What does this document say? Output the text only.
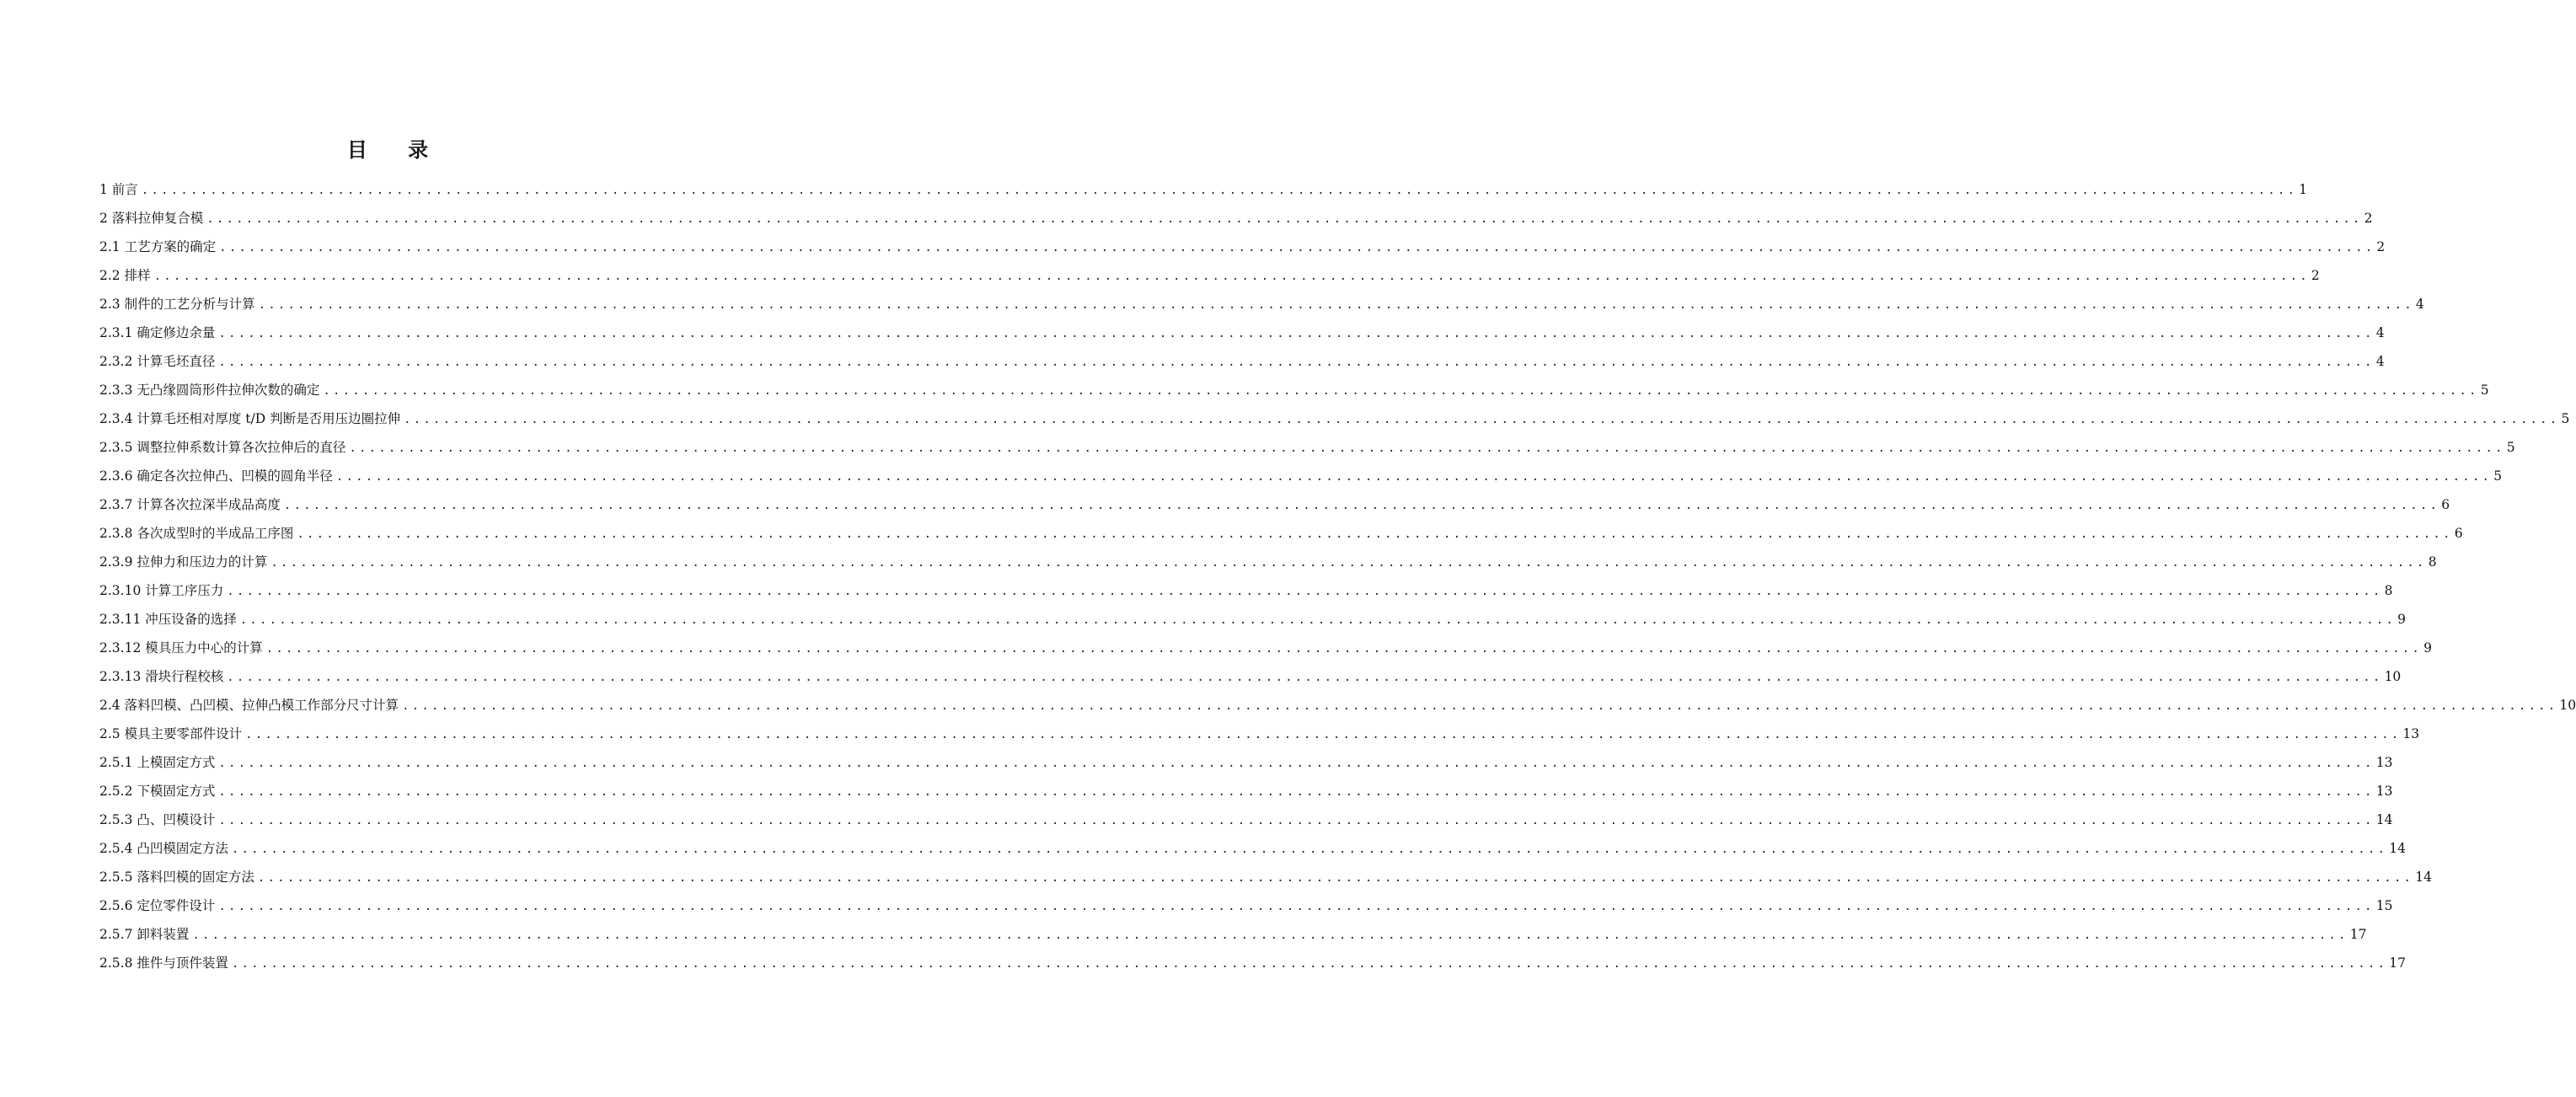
目 录
1 前言 ............................................................................................................................................................................................................................ 1
2 落料拉伸复合模 ............................................................................................................................................................................................................................ 2
2.1 工艺方案的确定 ............................................................................................................................................................................................................................ 2
2.2 排样 ............................................................................................................................................................................................................................ 2
2.3 制件的工艺分析与计算 ............................................................................................................................................................................................................................ 4
2.3.1 确定修边余量 ............................................................................................................................................................................................................................ 4
2.3.2 计算毛坯直径 ............................................................................................................................................................................................................................ 4
2.3.3 无凸缘圆筒形件拉伸次数的确定 ............................................................................................................................................................................................................................ 5
2.3.4 计算毛坯相对厚度 t/D 判断是否用压边圈拉伸 ............................................................................................................................................................................................................................ 5
2.3.5 调整拉伸系数计算各次拉伸后的直径 ............................................................................................................................................................................................................................ 5
2.3.6 确定各次拉伸凸、凹模的圆角半径 ............................................................................................................................................................................................................................ 5
2.3.7 计算各次拉深半成品高度 ............................................................................................................................................................................................................................ 6
2.3.8 各次成型时的半成品工序图 ............................................................................................................................................................................................................................ 6
2.3.9 拉伸力和压边力的计算 ............................................................................................................................................................................................................................ 8
2.3.10 计算工序压力 ............................................................................................................................................................................................................................ 8
2.3.11 冲压设备的选择 ............................................................................................................................................................................................................................ 9
2.3.12 模具压力中心的计算 ............................................................................................................................................................................................................................ 9
2.3.13 滑块行程校核 ............................................................................................................................................................................................................................ 10
2.4 落料凹模、凸凹模、拉伸凸模工作部分尺寸计算 ............................................................................................................................................................................................................................ 10
2.5 模具主要零部件设计 ............................................................................................................................................................................................................................ 13
2.5.1 上模固定方式 ............................................................................................................................................................................................................................ 13
2.5.2 下模固定方式 ............................................................................................................................................................................................................................ 13
2.5.3 凸、凹模设计 ............................................................................................................................................................................................................................ 14
2.5.4 凸凹模固定方法 ............................................................................................................................................................................................................................ 14
2.5.5 落料凹模的固定方法 ............................................................................................................................................................................................................................ 14
2.5.6 定位零件设计 ............................................................................................................................................................................................................................ 15
2.5.7 卸料装置 ............................................................................................................................................................................................................................ 17
2.5.8 推件与顶件装置 ............................................................................................................................................................................................................................ 17
